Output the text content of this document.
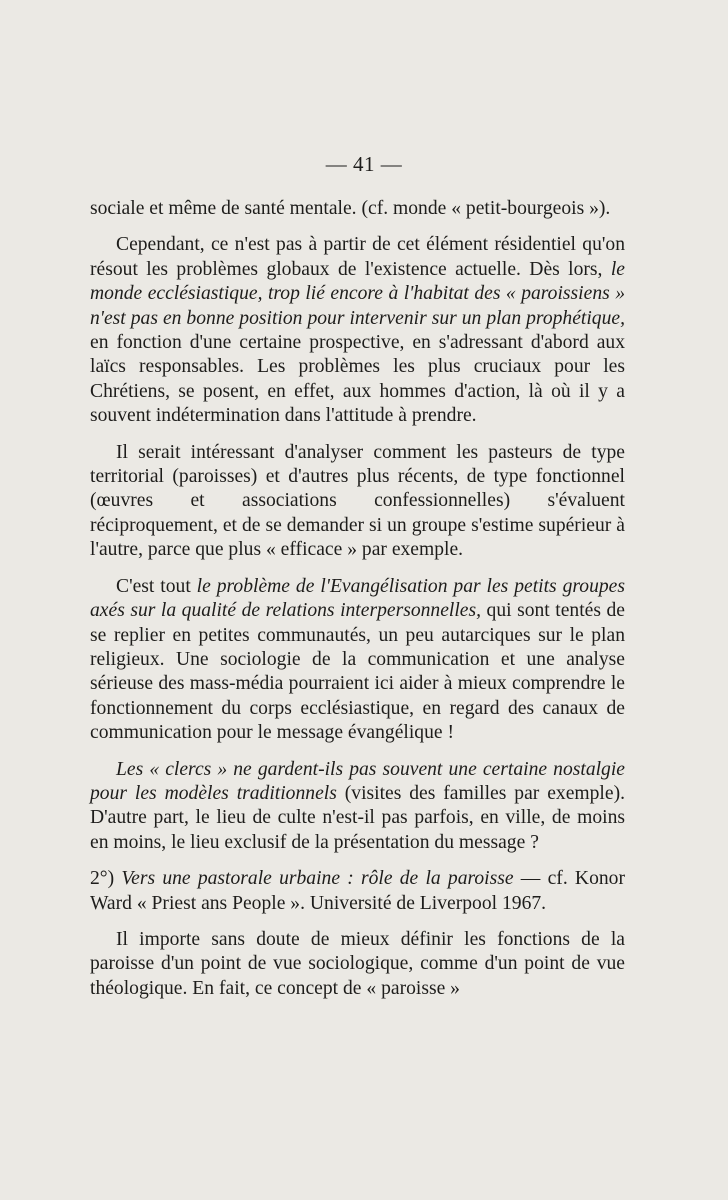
— 41 —

sociale et même de santé mentale. (cf. monde « petit-bourgeois »).

Cependant, ce n'est pas à partir de cet élément résidentiel qu'on résout les problèmes globaux de l'existence actuelle. Dès lors, le monde ecclésiastique, trop lié encore à l'habitat des « paroissiens » n'est pas en bonne position pour intervenir sur un plan prophétique, en fonction d'une certaine prospective, en s'adressant d'abord aux laïcs responsables. Les problèmes les plus cruciaux pour les Chrétiens, se posent, en effet, aux hommes d'action, là où il y a souvent indétermination dans l'attitude à prendre.

Il serait intéressant d'analyser comment les pasteurs de type territorial (paroisses) et d'autres plus récents, de type fonctionnel (œuvres et associations confessionnelles) s'évaluent réciproquement, et de se demander si un groupe s'estime supérieur à l'autre, parce que plus « efficace » par exemple.

C'est tout le problème de l'Evangélisation par les petits groupes axés sur la qualité de relations interpersonnelles, qui sont tentés de se replier en petites communautés, un peu autarciques sur le plan religieux. Une sociologie de la communication et une analyse sérieuse des mass-média pourraient ici aider à mieux comprendre le fonctionnement du corps ecclésiastique, en regard des canaux de communication pour le message évangélique !

Les « clercs » ne gardent-ils pas souvent une certaine nostalgie pour les modèles traditionnels (visites des familles par exemple). D'autre part, le lieu de culte n'est-il pas parfois, en ville, de moins en moins, le lieu exclusif de la présentation du message ?

2°) Vers une pastorale urbaine : rôle de la paroisse — cf. Konor Ward « Priest ans People ». Université de Liverpool 1967.

Il importe sans doute de mieux définir les fonctions de la paroisse d'un point de vue sociologique, comme d'un point de vue théologique. En fait, ce concept de « paroisse »
